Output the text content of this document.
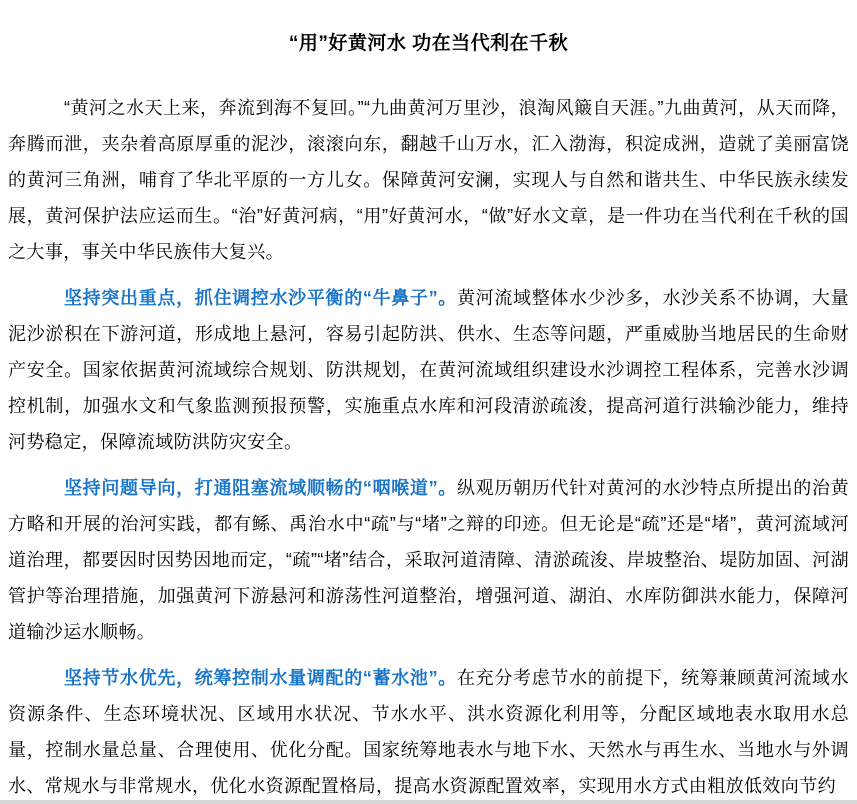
“用”好黄河水 功在当代利在千秋

“黄河之水天上来，奔流到海不复回。”“九曲黄河万里沙，浪淘风簸自天涯。”九曲黄河，从天而降，奔腾而泄，夹杂着高原厚重的泥沙，滚滚向东，翻越千山万水，汇入渤海，积淀成洲，造就了美丽富饶的黄河三角洲，哺育了华北平原的一方儿女。保障黄河安澜，实现人与自然和谐共生、中华民族永续发展，黄河保护法应运而生。“治”好黄河病，“用”好黄河水，“做”好水文章，是一件功在当代利在千秋的国之大事，事关中华民族伟大复兴。

坚持突出重点，抓住调控水沙平衡的“牛鼻子”。黄河流域整体水少沙多，水沙关系不协调，大量泥沙淤积在下游河道，形成地上悬河，容易引起防洪、供水、生态等问题，严重威胁当地居民的生命财产安全。国家依据黄河流域综合规划、防洪规划，在黄河流域组织建设水沙调控工程体系，完善水沙调控机制，加强水文和气象监测预报预警，实施重点水库和河段清淤疏浚，提高河道行洪输沙能力，维持河势稳定，保障流域防洪防灾安全。

坚持问题导向，打通阻塞流域顺畅的“咽喉道”。纵观历朝历代针对黄河的水沙特点所提出的治黄方略和开展的治河实践，都有鲧、禹治水中“疏”与“堵”之辩的印迹。但无论是“疏”还是“堵”，黄河流域河道治理，都要因时因势因地而定，“疏”“堵”结合，采取河道清障、清淤疏浚、岸坡整治、堤防加固、河湖管护等治理措施，加强黄河下游悬河和游荡性河道整治，增强河道、湖泊、水库防御洪水能力，保障河道输沙运水顺畅。

坚持节水优先，统筹控制水量调配的“蓄水池”。在充分考虑节水的前提下，统筹兼顾黄河流域水资源条件、生态环境状况、区域用水状况、节水水平、洪水资源化利用等，分配区域地表水取用水总量，控制水量总量、合理使用、优化分配。国家统筹地表水与地下水、天然水与再生水、当地水与外调水、常规水与非常规水，优化水资源配置格局，提高水资源配置效率，实现用水方式由粗放低效向节约
